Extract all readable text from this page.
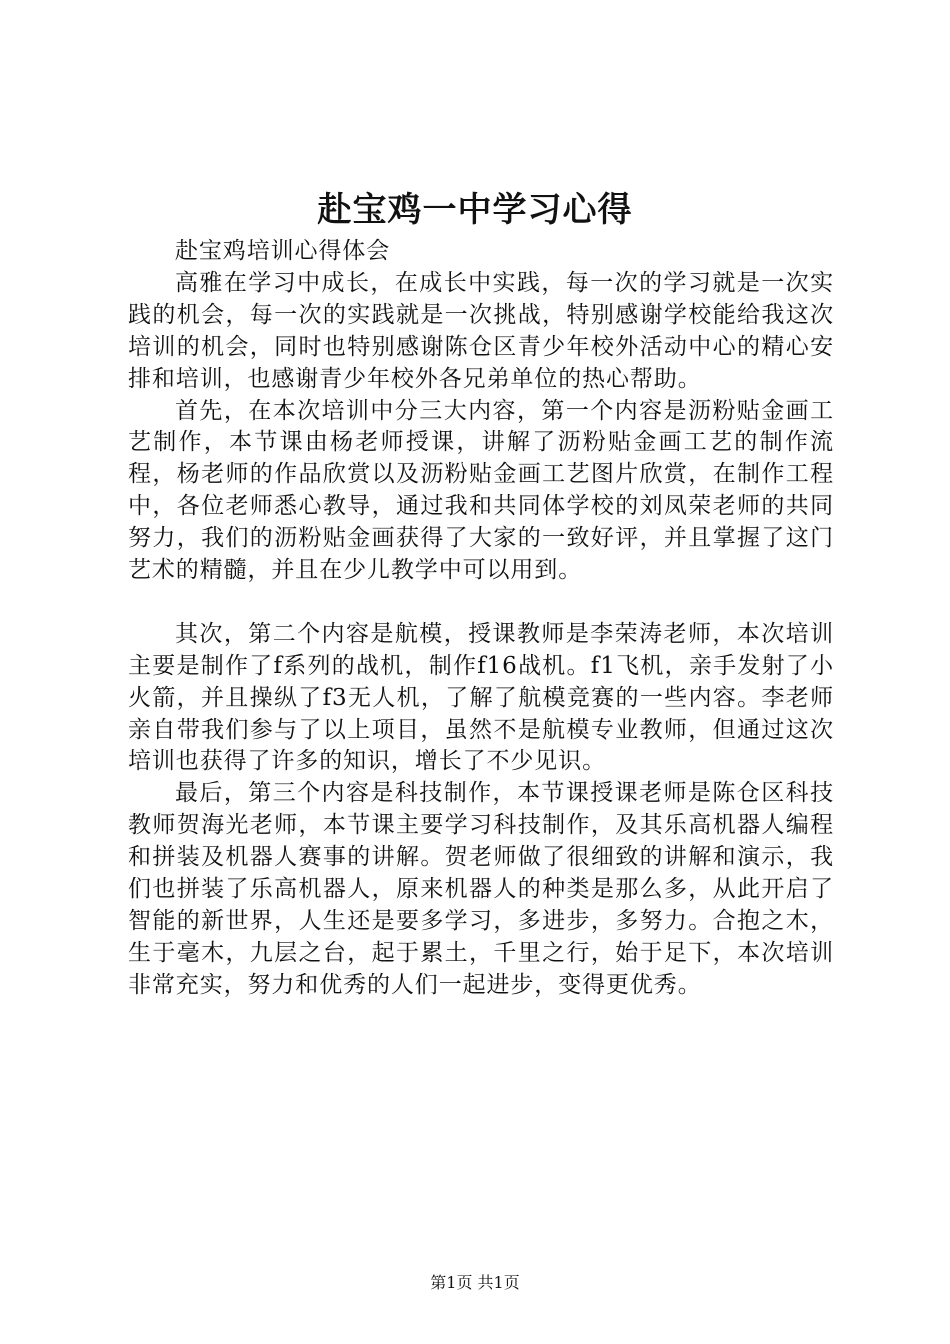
赴宝鸡一中学习心得

赴宝鸡培训心得体会

高雅在学习中成长，在成长中实践，每一次的学习就是一次实践的机会，每一次的实践就是一次挑战，特别感谢学校能给我这次培训的机会，同时也特别感谢陈仓区青少年校外活动中心的精心安排和培训，也感谢青少年校外各兄弟单位的热心帮助。

首先，在本次培训中分三大内容，第一个内容是沥粉贴金画工艺制作，本节课由杨老师授课，讲解了沥粉贴金画工艺的制作流程，杨老师的作品欣赏以及沥粉贴金画工艺图片欣赏，在制作工程中，各位老师悉心教导，通过我和共同体学校的刘凤荣老师的共同努力，我们的沥粉贴金画获得了大家的一致好评，并且掌握了这门艺术的精髓，并且在少儿教学中可以用到。

其次，第二个内容是航模，授课教师是李荣涛老师，本次培训主要是制作了f系列的战机，制作f16战机。f1飞机，亲手发射了小火箭，并且操纵了f3无人机，了解了航模竞赛的一些内容。李老师亲自带我们参与了以上项目，虽然不是航模专业教师，但通过这次培训也获得了许多的知识，增长了不少见识。

最后，第三个内容是科技制作，本节课授课老师是陈仓区科技教师贺海光老师，本节课主要学习科技制作，及其乐高机器人编程和拼装及机器人赛事的讲解。贺老师做了很细致的讲解和演示，我们也拼装了乐高机器人，原来机器人的种类是那么多，从此开启了智能的新世界，人生还是要多学习，多进步，多努力。合抱之木，生于毫木，九层之台，起于累土，千里之行，始于足下，本次培训非常充实，努力和优秀的人们一起进步，变得更优秀。

第1页 共1页
